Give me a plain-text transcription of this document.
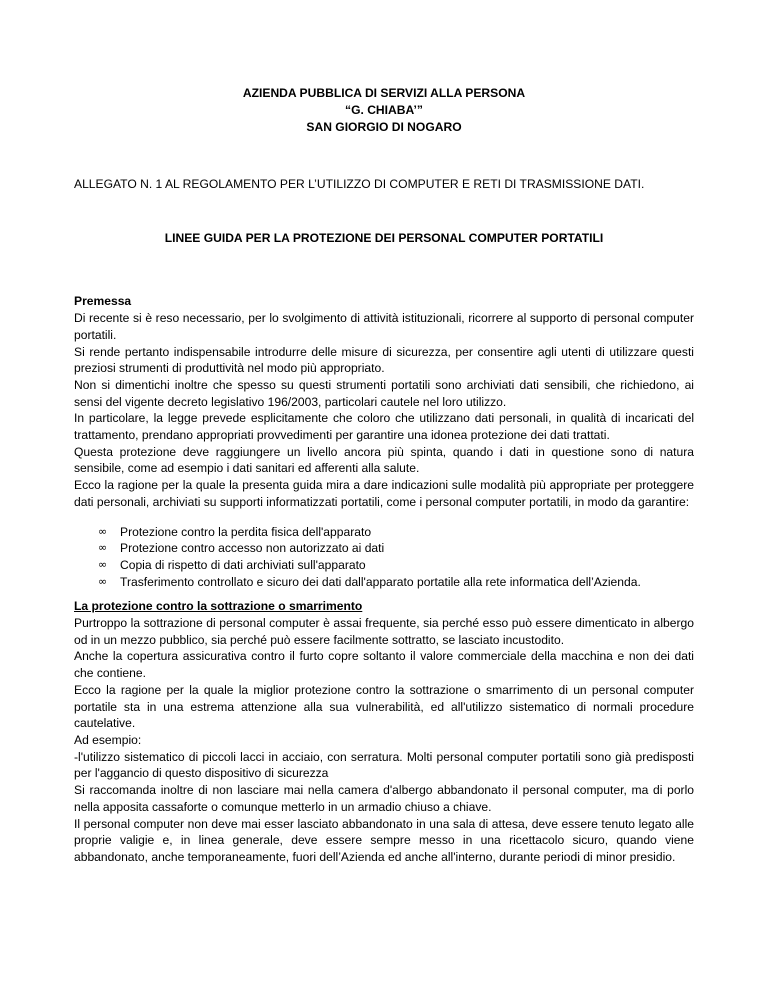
AZIENDA PUBBLICA DI SERVIZI ALLA PERSONA
“G. CHIABA’”
SAN GIORGIO DI NOGARO
ALLEGATO N. 1 AL REGOLAMENTO PER L’UTILIZZO DI COMPUTER E RETI DI TRASMISSIONE DATI.
LINEE GUIDA PER LA PROTEZIONE DEI PERSONAL COMPUTER PORTATILI
Premessa

Di recente si è reso necessario, per lo svolgimento di attività istituzionali, ricorrere al supporto di personal computer portatili.

Si rende pertanto indispensabile introdurre delle misure di sicurezza, per consentire agli utenti di utilizzare questi preziosi strumenti di produttività nel modo più appropriato.

Non si dimentichi inoltre che spesso su questi strumenti portatili sono archiviati dati sensibili, che richiedono, ai sensi del vigente decreto legislativo 196/2003, particolari cautele nel loro utilizzo.

In particolare, la legge prevede esplicitamente che coloro che utilizzano dati personali, in qualità di incaricati del trattamento, prendano appropriati provvedimenti per garantire una idonea protezione dei dati trattati.

Questa protezione deve raggiungere un livello ancora più spinta, quando i dati in questione sono di natura sensibile, come ad esempio i dati sanitari ed afferenti alla salute.

Ecco la ragione per la quale la presenta guida mira a dare indicazioni sulle modalità più appropriate per proteggere dati personali, archiviati su supporti informatizzati portatili, come i personal computer portatili, in modo da garantire:

∞ Protezione contro la perdita fisica dell'apparato
∞ Protezione contro accesso non autorizzato ai dati
∞ Copia di rispetto di dati archiviati sull'apparato
∞ Trasferimento controllato e sicuro dei dati dall'apparato portatile alla rete informatica dell’Azienda.
La protezione contro la sottrazione o smarrimento

Purtroppo la sottrazione di personal computer è assai frequente, sia perché esso può essere dimenticato in albergo od in un mezzo pubblico, sia perché può essere facilmente sottratto, se lasciato incustodito.

Anche la copertura assicurativa contro il furto copre soltanto il valore commerciale della macchina e non dei dati che contiene.

Ecco la ragione per la quale la miglior protezione contro la sottrazione o smarrimento di un personal computer portatile sta in una estrema attenzione alla sua vulnerabilità, ed all'utilizzo sistematico di normali procedure cautelative.

Ad esempio:

-l'utilizzo sistematico di piccoli lacci in acciaio, con serratura. Molti personal computer portatili sono già predisposti per l'aggancio di questo dispositivo di sicurezza

Si raccomanda inoltre di non lasciare mai nella camera d'albergo abbandonato il personal computer, ma di porlo nella apposita cassaforte o comunque metterlo in un armadio chiuso a chiave.

Il personal computer non deve mai esser lasciato abbandonato in una sala di attesa, deve essere tenuto legato alle proprie valigie e, in linea generale, deve essere sempre messo in una ricettacolo sicuro, quando viene abbandonato, anche temporaneamente, fuori dell’Azienda ed anche all'interno, durante periodi di minor presidio.
